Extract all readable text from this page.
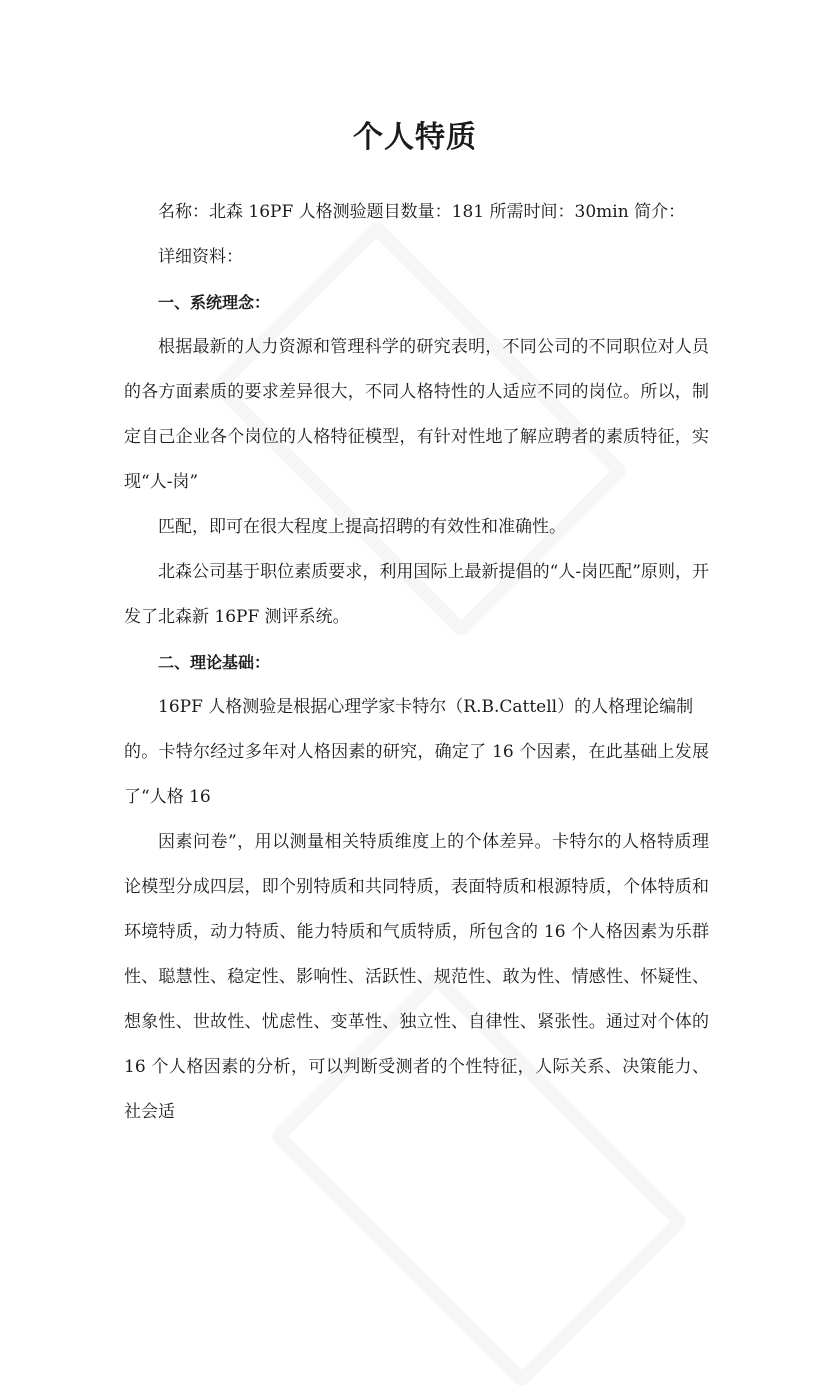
个人特质

名称：北森 16PF 人格测验题目数量：181 所需时间：30min 简介：

详细资料：

一、系统理念：

根据最新的人力资源和管理科学的研究表明，不同公司的不同职位对人员的各方面素质的要求差异很大，不同人格特性的人适应不同的岗位。所以，制定自己企业各个岗位的人格特征模型，有针对性地了解应聘者的素质特征，实现“人-岗”

匹配，即可在很大程度上提高招聘的有效性和准确性。

北森公司基于职位素质要求，利用国际上最新提倡的“人-岗匹配”原则，开发了北森新 16PF 测评系统。

二、理论基础：

16PF 人格测验是根据心理学家卡特尔（R.B.Cattell）的人格理论编制

的。卡特尔经过多年对人格因素的研究，确定了 16 个因素，在此基础上发展了“人格 16

因素问卷”，用以测量相关特质维度上的个体差异。卡特尔的人格特质理论模型分成四层，即个别特质和共同特质，表面特质和根源特质，个体特质和环境特质，动力特质、能力特质和气质特质，所包含的 16 个人格因素为乐群性、聪慧性、稳定性、影响性、活跃性、规范性、敢为性、情感性、怀疑性、想象性、世故性、忧虑性、变革性、独立性、自律性、紧张性。通过对个体的 16 个人格因素的分析，可以判断受测者的个性特征，人际关系、决策能力、社会适
